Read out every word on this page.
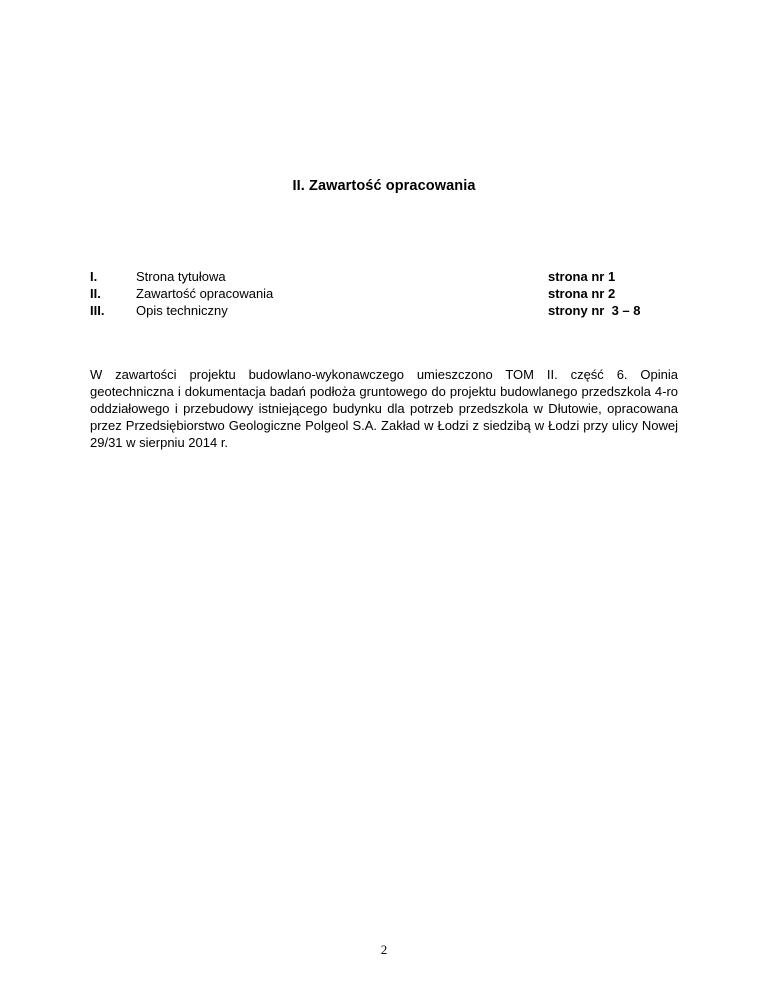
II. Zawartość opracowania
I.	Strona tytułowa	strona nr 1
II.	Zawartość opracowania	strona nr 2
III. Opis techniczny	strony nr  3 – 8

W zawartości projektu budowlano-wykonawczego umieszczono TOM II. część 6. Opinia geotechniczna i dokumentacja badań podłoża gruntowego do projektu budowlanego przedszkola 4-ro oddziałowego i przebudowy istniejącego budynku dla potrzeb przedszkola w Dłutowie, opracowana przez Przedsiębiorstwo Geologiczne Polgeol S.A. Zakład w Łodzi z siedzibą w Łodzi przy ulicy Nowej 29/31 w sierpniu 2014 r.

2
